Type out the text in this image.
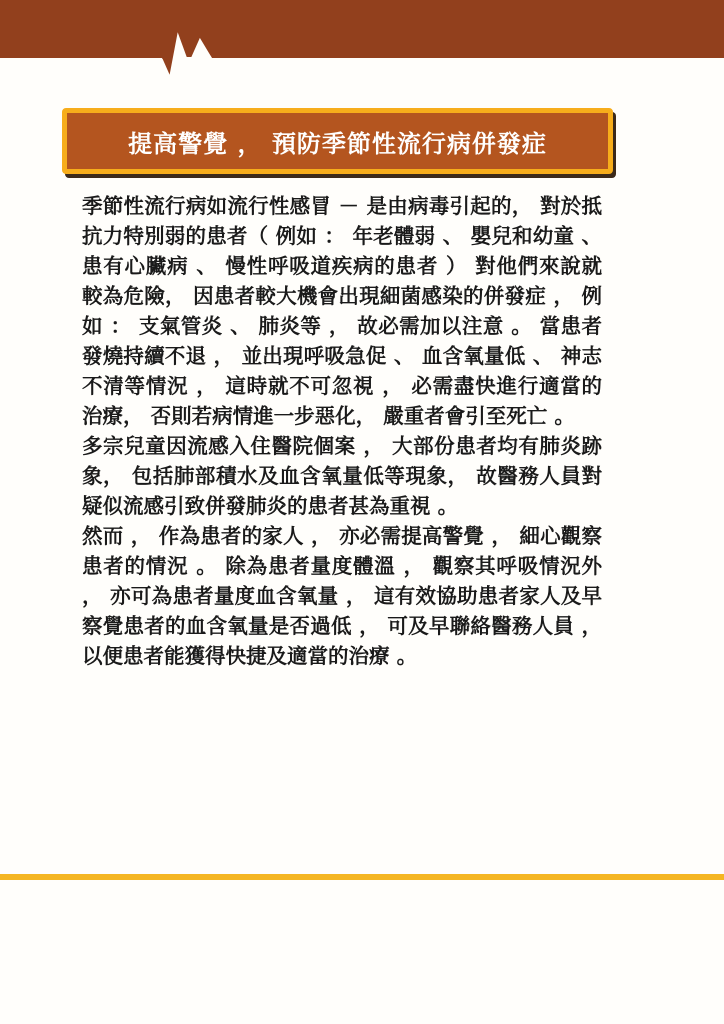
提高警覺 ， 預防季節性流行病併發症

季節性流行病如流行性感冒 － 是由病毒引起的， 對於抵抗力特別弱的患者（ 例如 ： 年老體弱 、 嬰兒和幼童 、 患有心臟病 、 慢性呼吸道疾病的患者 ） 對他們來說就較為危險， 因患者較大機會出現細菌感染的併發症 ， 例如 ： 支氣管炎 、 肺炎等 ， 故必需加以注意 。 當患者發燒持續不退 ， 並出現呼吸急促 、 血含氧量低 、 神志不清等情況 ， 這時就不可忽視 ， 必需盡快進行適當的治療， 否則若病情進一步惡化， 嚴重者會引至死亡 。

多宗兒童因流感入住醫院個案 ， 大部份患者均有肺炎跡象， 包括肺部積水及血含氧量低等現象， 故醫務人員對疑似流感引致併發肺炎的患者甚為重視 。

然而 ， 作為患者的家人 ， 亦必需提高警覺 ， 細心觀察患者的情況 。 除為患者量度體溫 ， 觀察其呼吸情況外 ， 亦可為患者量度血含氧量 ， 這有效協助患者家人及早察覺患者的血含氧量是否過低 ， 可及早聯絡醫務人員 ， 以便患者能獲得快捷及適當的治療 。
